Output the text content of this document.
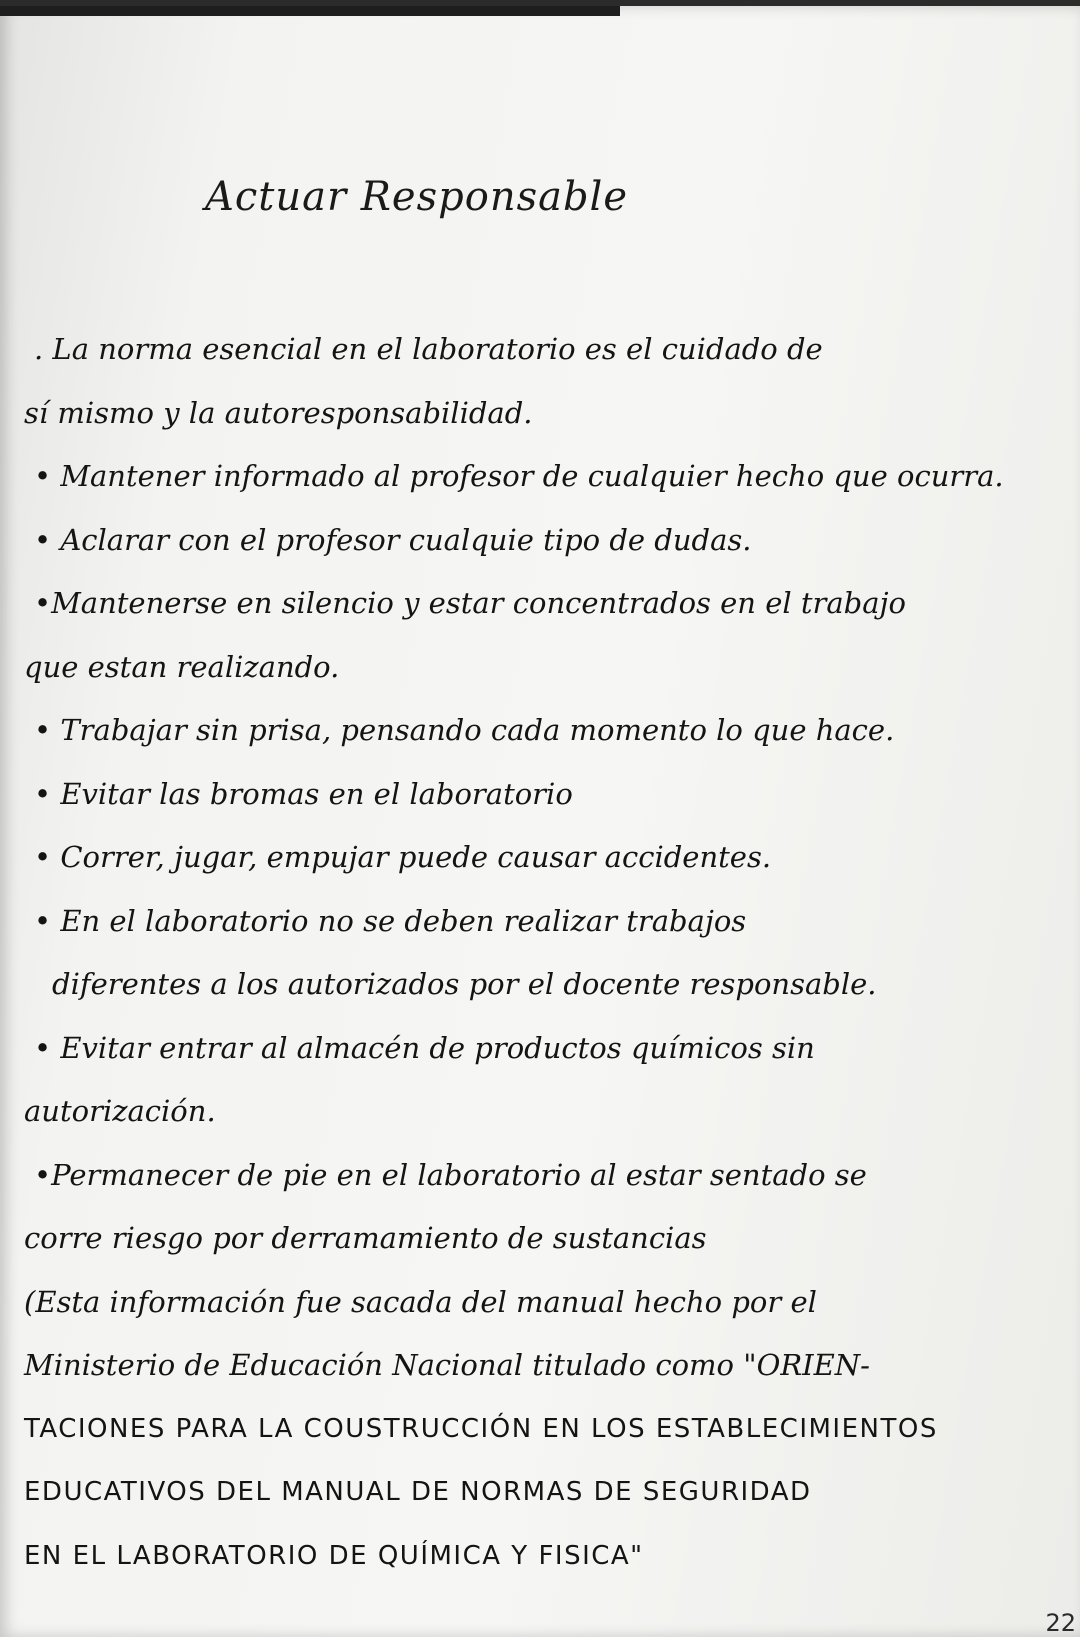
Actuar Responsable
. La norma esencial en el laboratorio es el cuidado de
sí mismo y la autoresponsabilidad.
• Mantener informado al profesor de cualquier hecho que ocurra.
• Aclarar con el profesor cualquie tipo de dudas.
•Mantenerse en silencio y estar concentrados en el trabajo
que estan realizando.
• Trabajar sin prisa, pensando cada momento lo que hace.
• Evitar las bromas en el laboratorio
• Correr, jugar, empujar puede causar accidentes.
• En el laboratorio no se deben realizar trabajos
diferentes a los autorizados por el docente responsable.
• Evitar entrar al almacén de productos químicos sin
autorización.
•Permanecer de pie en el laboratorio al estar sentado se
corre riesgo por derramamiento de sustancias
(Esta información fue sacada del manual hecho por el
Ministerio de Educación Nacional titulado como "ORIEN-
TACIONES PARA LA COUSTRUCCIÓN EN LOS ESTABLECIMIENTOS
EDUCATIVOS DEL MANUAL DE NORMAS DE SEGURIDAD
EN EL LABORATORIO DE QUÍMICA Y FISICA"
22
